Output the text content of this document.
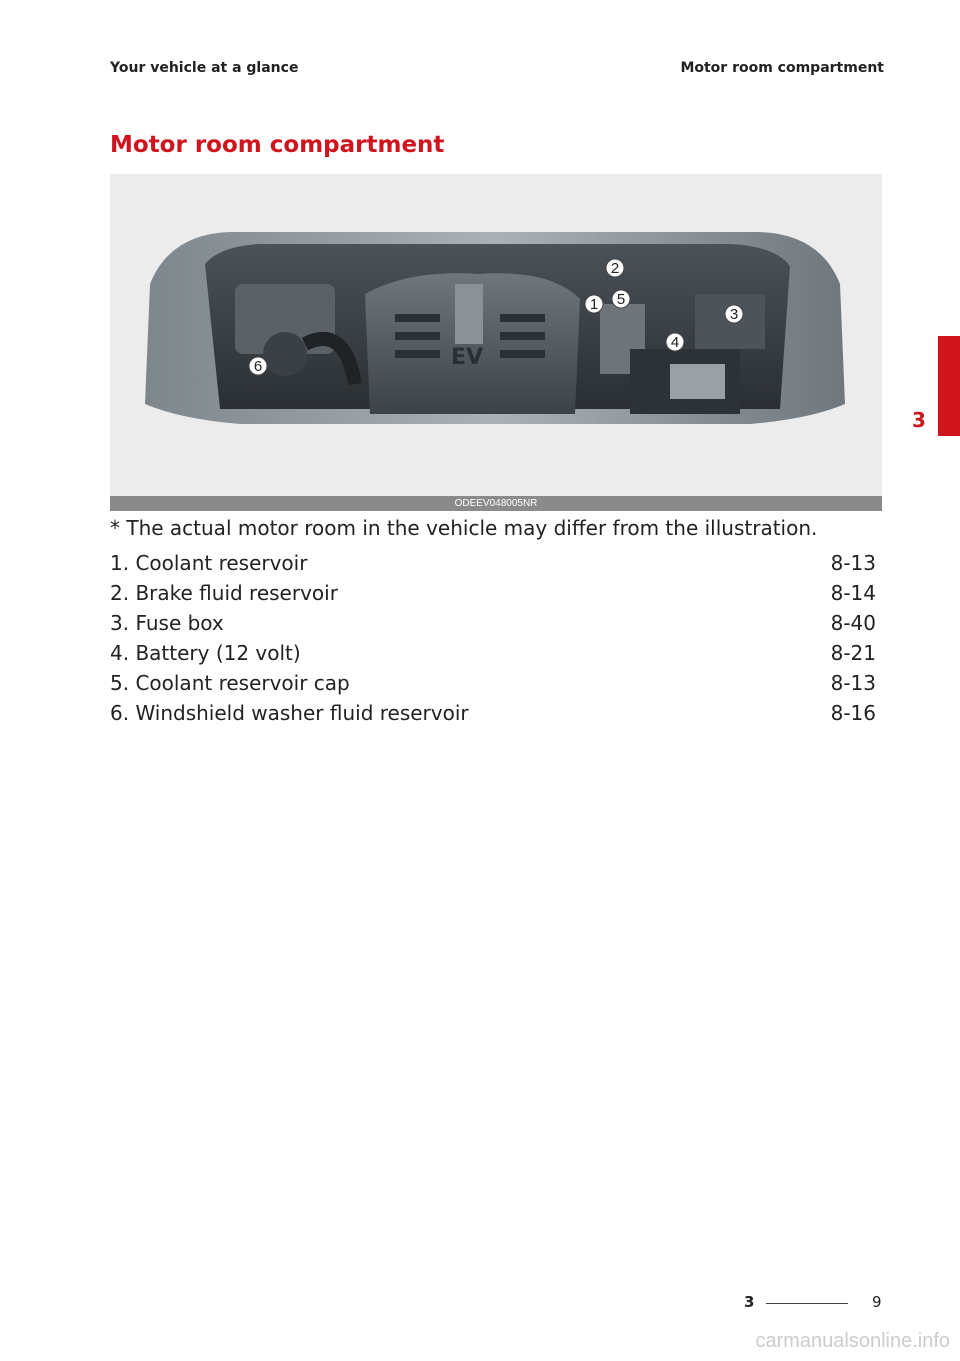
Your vehicle at a glance	Motor room compartment
Motor room compartment
EV
1
2
3
4
5
6
ODEEV048005NR
* The actual motor room in the vehicle may differ from the illustration.
1. Coolant reservoir	8-13
2. Brake fluid reservoir	8-14
3. Fuse box	8-40
4. Battery (12 volt)	8-21
5. Coolant reservoir cap	8-13
6. Windshield washer fluid reservoir	8-16
3
3	9
carmanualsonline.info
